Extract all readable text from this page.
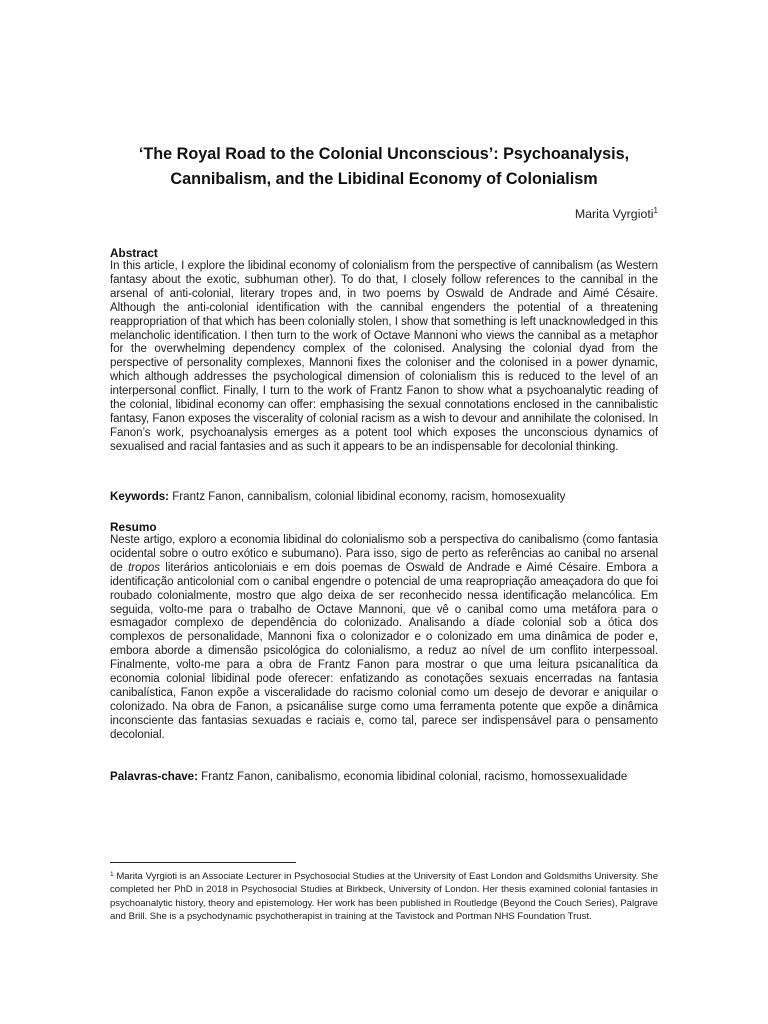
‘The Royal Road to the Colonial Unconscious’: Psychoanalysis, Cannibalism, and the Libidinal Economy of Colonialism
Marita Vyrgioti$^1$
Abstract

In this article, I explore the libidinal economy of colonialism from the perspective of cannibalism (as Western fantasy about the exotic, subhuman other). To do that, I closely follow references to the cannibal in the arsenal of anti-colonial, literary tropes and, in two poems by Oswald de Andrade and Aimé Césaire. Although the anti-colonial identification with the cannibal engenders the potential of a threatening reappropriation of that which has been colonially stolen, I show that something is left unacknowledged in this melancholic identification. I then turn to the work of Octave Mannoni who views the cannibal as a metaphor for the overwhelming dependency complex of the colonised. Analysing the colonial dyad from the perspective of personality complexes, Mannoni fixes the coloniser and the colonised in a power dynamic, which although addresses the psychological dimension of colonialism this is reduced to the level of an interpersonal conflict. Finally, I turn to the work of Frantz Fanon to show what a psychoanalytic reading of the colonial, libidinal economy can offer: emphasising the sexual connotations enclosed in the cannibalistic fantasy, Fanon exposes the viscerality of colonial racism as a wish to devour and annihilate the colonised. In Fanon’s work, psychoanalysis emerges as a potent tool which exposes the unconscious dynamics of sexualised and racial fantasies and as such it appears to be an indispensable for decolonial thinking.

Keywords: Frantz Fanon, cannibalism, colonial libidinal economy, racism, homosexuality

Resumo

Neste artigo, exploro a economia libidinal do colonialismo sob a perspectiva do canibalismo (como fantasia ocidental sobre o outro exótico e subumano). Para isso, sigo de perto as referências ao canibal no arsenal de tropos literários anticoloniais e em dois poemas de Oswald de Andrade e Aimé Césaire. Embora a identificação anticolonial com o canibal engendre o potencial de uma reapropriação ameaçadora do que foi roubado colonialmente, mostro que algo deixa de ser reconhecido nessa identificação melancólica. Em seguida, volto-me para o trabalho de Octave Mannoni, que vê o canibal como uma metáfora para o esmagador complexo de dependência do colonizado. Analisando a díade colonial sob a ótica dos complexos de personalidade, Mannoni fixa o colonizador e o colonizado em uma dinâmica de poder e, embora aborde a dimensão psicológica do colonialismo, a reduz ao nível de um conflito interpessoal. Finalmente, volto-me para a obra de Frantz Fanon para mostrar o que uma leitura psicanalítica da economia colonial libidinal pode oferecer: enfatizando as conotações sexuais encerradas na fantasia canibalística, Fanon expõe a visceralidade do racismo colonial como um desejo de devorar e aniquilar o colonizado. Na obra de Fanon, a psicanálise surge como uma ferramenta potente que expõe a dinâmica inconsciente das fantasias sexuadas e raciais e, como tal, parece ser indispensável para o pensamento decolonial.

Palavras-chave: Frantz Fanon, canibalismo, economia libidinal colonial, racismo, homossexualidade

$^1$ Marita Vyrgioti is an Associate Lecturer in Psychosocial Studies at the University of East London and Goldsmiths University. She completed her PhD in 2018 in Psychosocial Studies at Birkbeck, University of London. Her thesis examined colonial fantasies in psychoanalytic history, theory and epistemology. Her work has been published in Routledge (Beyond the Couch Series), Palgrave and Brill. She is a psychodynamic psychotherapist in training at the Tavistock and Portman NHS Foundation Trust.
